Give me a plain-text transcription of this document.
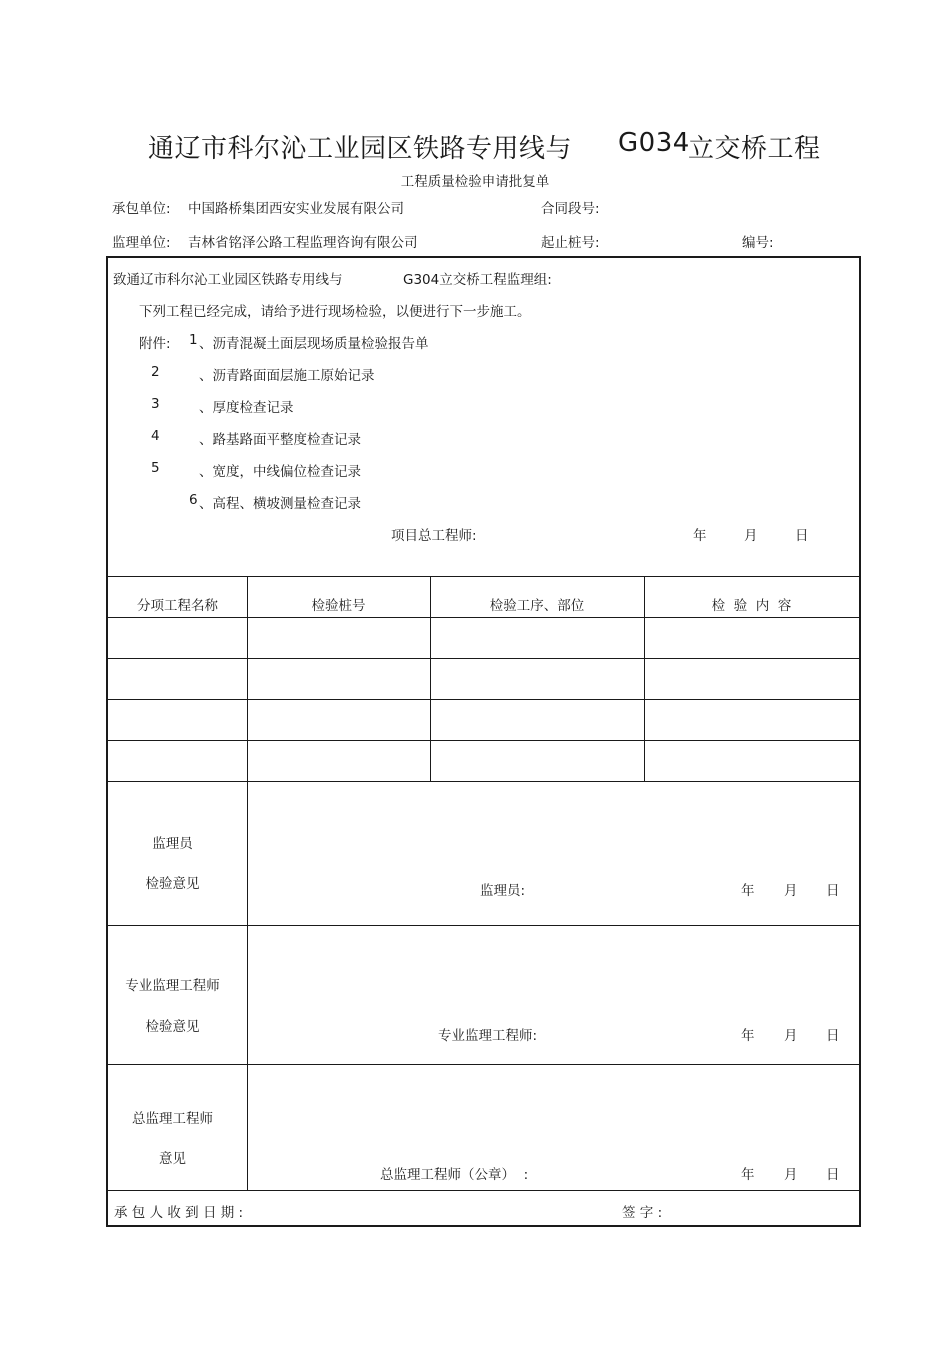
通辽市科尔沁工业园区铁路专用线与 G034
立交桥工程
工程质量检验申请批复单
承包单位: 中国路桥集团西安实业发展有限公司	合同段号:
监理单位: 吉林省铭泽公路工程监理咨询有限公司	起止桩号:	编号:
致通辽市科尔沁工业园区铁路专用线与	G304立交桥工程监理组:
下列工程已经完成，请给予进行现场检验，以便进行下一步施工。
附件: 1 、沥青混凝土面层现场质量检验报告单
2	、沥青路面面层施工原始记录
3	、厚度检查记录
4	、路基路面平整度检查记录
5	、宽度，中线偏位检查记录
6 、高程、横坡测量检查记录
项目总工程师:	年	月	日
分项工程名称	检验桩号	检验工序、部位	检  验  内  容
监理员
检验意见	监理员:	年 月 日
专业监理工程师
检验意见
专业监理工程师:	年 月 日
总监理工程师
意见
总监理工程师（公章）  :	年 月 日
承 包 人 收 到 日 期 :	签 字 :
